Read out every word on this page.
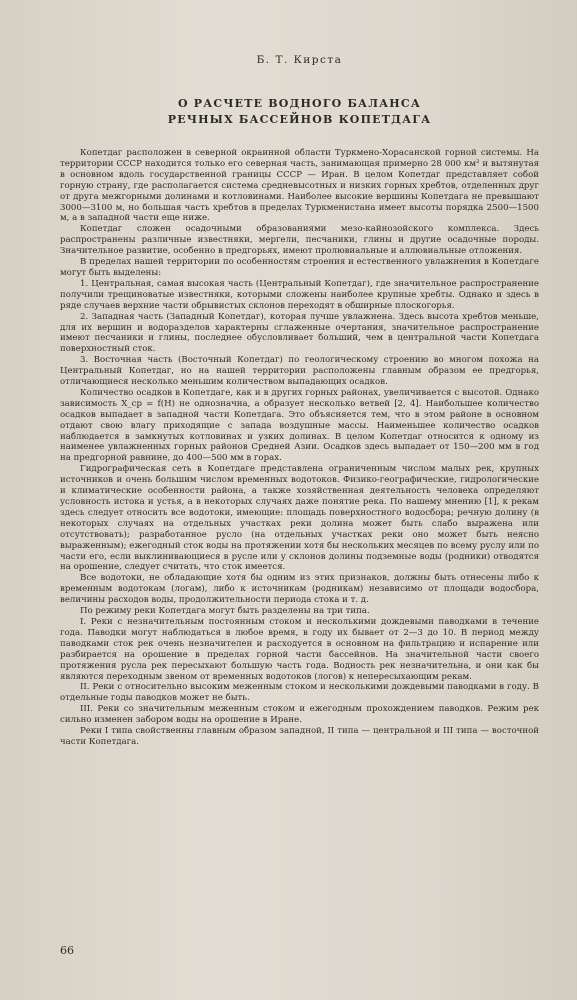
Б. Т. Кирста
О РАСЧЕТЕ ВОДНОГО БАЛАНСА
РЕЧНЫХ БАССЕЙНОВ КОПЕТДАГА

Копетдаг расположен в северной окраинной области Туркмено-Хорасанской горной системы. На территории СССР находится только его северная часть, занимающая примерно 28 000 км² и вытянутая в основном вдоль государственной границы СССР — Иран. В целом Копетдаг представляет собой горную страну, где располагается система средневысотных и низких горных хребтов, отделенных друг от друга межгорными долинами и котловинами. Наиболее высокие вершины Копетдага не превышают 3000—3100 м, но большая часть хребтов в пределах Туркменистана имеет высоты порядка 2500—1500 м, а в западной части еще ниже.

Копетдаг сложен осадочными образованиями мезо-кайнозойского комплекса. Здесь распространены различные известняки, мергели, песчаники, глины и другие осадочные породы. Значительное развитие, особенно в предгорьях, имеют пролювиальные и аллювиальные отложения.

В пределах нашей территории по особенностям строения и естественного увлажнения в Копетдаге могут быть выделены:

1. Центральная, самая высокая часть (Центральный Копетдаг), где значительное распространение получили трещиноватые известняки, которыми сложены наиболее крупные хребты. Однако и здесь в ряде случаев верхние части обрывистых склонов переходят в обширные плоскогорья.

2. Западная часть (Западный Копетдаг), которая лучше увлажнена. Здесь высота хребтов меньше, для их вершин и водоразделов характерны сглаженные очертания, значительное распространение имеют песчаники и глины, последнее обусловливает больший, чем в центральной части Копетдага поверхностный сток.

3. Восточная часть (Восточный Копетдаг) по геологическому строению во многом похожа на Центральный Копетдаг, но на нашей территории расположены главным образом ее предгорья, отличающиеся несколько меньшим количеством выпадающих осадков.

Количество осадков в Копетдаге, как и в других горных районах, увеличивается с высотой. Однако зависимость X_ср = f(H) не однозначна, а образует несколько ветвей [2, 4]. Наибольшее количество осадков выпадает в западной части Копетдага. Это объясняется тем, что в этом районе в основном отдают свою влагу приходящие с запада воздушные массы. Наименьшее количество осадков наблюдается в замкнутых котловинах и узких долинах. В целом Копетдаг относится к одному из наименее увлажненных горных районов Средней Азии. Осадков здесь выпадает от 150—200 мм в год на предгорной равнине, до 400—500 мм в горах.

Гидрографическая сеть в Копетдаге представлена ограниченным числом малых рек, крупных источников и очень большим числом временных водотоков. Физико-географические, гидрологические и климатические особенности района, а также хозяйственная деятельность человека определяют условность истока и устья, а в некоторых случаях даже понятие река. По нашему мнению [1], к рекам здесь следует относить все водотоки, имеющие: площадь поверхностного водосбора; речную долину (в некоторых случаях на отдельных участках реки долина может быть слабо выражена или отсутствовать); разработанное русло (на отдельных участках реки оно может быть неясно выраженным); ежегодный сток воды на протяжении хотя бы нескольких месяцев по всему руслу или по части его, если выклинивающиеся в русле или у склонов долины подземные воды (родники) отводятся на орошение, следует считать, что сток имеется.

Все водотоки, не обладающие хотя бы одним из этих признаков, должны быть отнесены либо к временным водотокам (логам), либо к источникам (родникам) независимо от площади водосбора, величины расходов воды, продолжительности периода стока и т. д.

По режиму реки Копетдага могут быть разделены на три типа.

I. Реки с незначительным постоянным стоком и несколькими дождевыми паводками в течение года. Паводки могут наблюдаться в любое время, в году их бывает от 2—3 до 10. В период между паводками сток рек очень незначителен и расходуется в основном на фильтрацию и испарение или разбирается на орошение в пределах горной части бассейнов. На значительной части своего протяжения русла рек пересыхают большую часть года. Водность рек незначительна, и они как бы являются переходным звеном от временных водотоков (логов) к непересыхающим рекам.

II. Реки с относительно высоким меженным стоком и несколькими дождевыми паводками в году. В отдельные годы паводков может не быть.

III. Реки со значительным меженным стоком и ежегодным прохождением паводков. Режим рек сильно изменен забором воды на орошение в Иране.

Реки I типа свойственны главным образом западной, II типа — центральной и III типа — восточной части Копетдага.

66
